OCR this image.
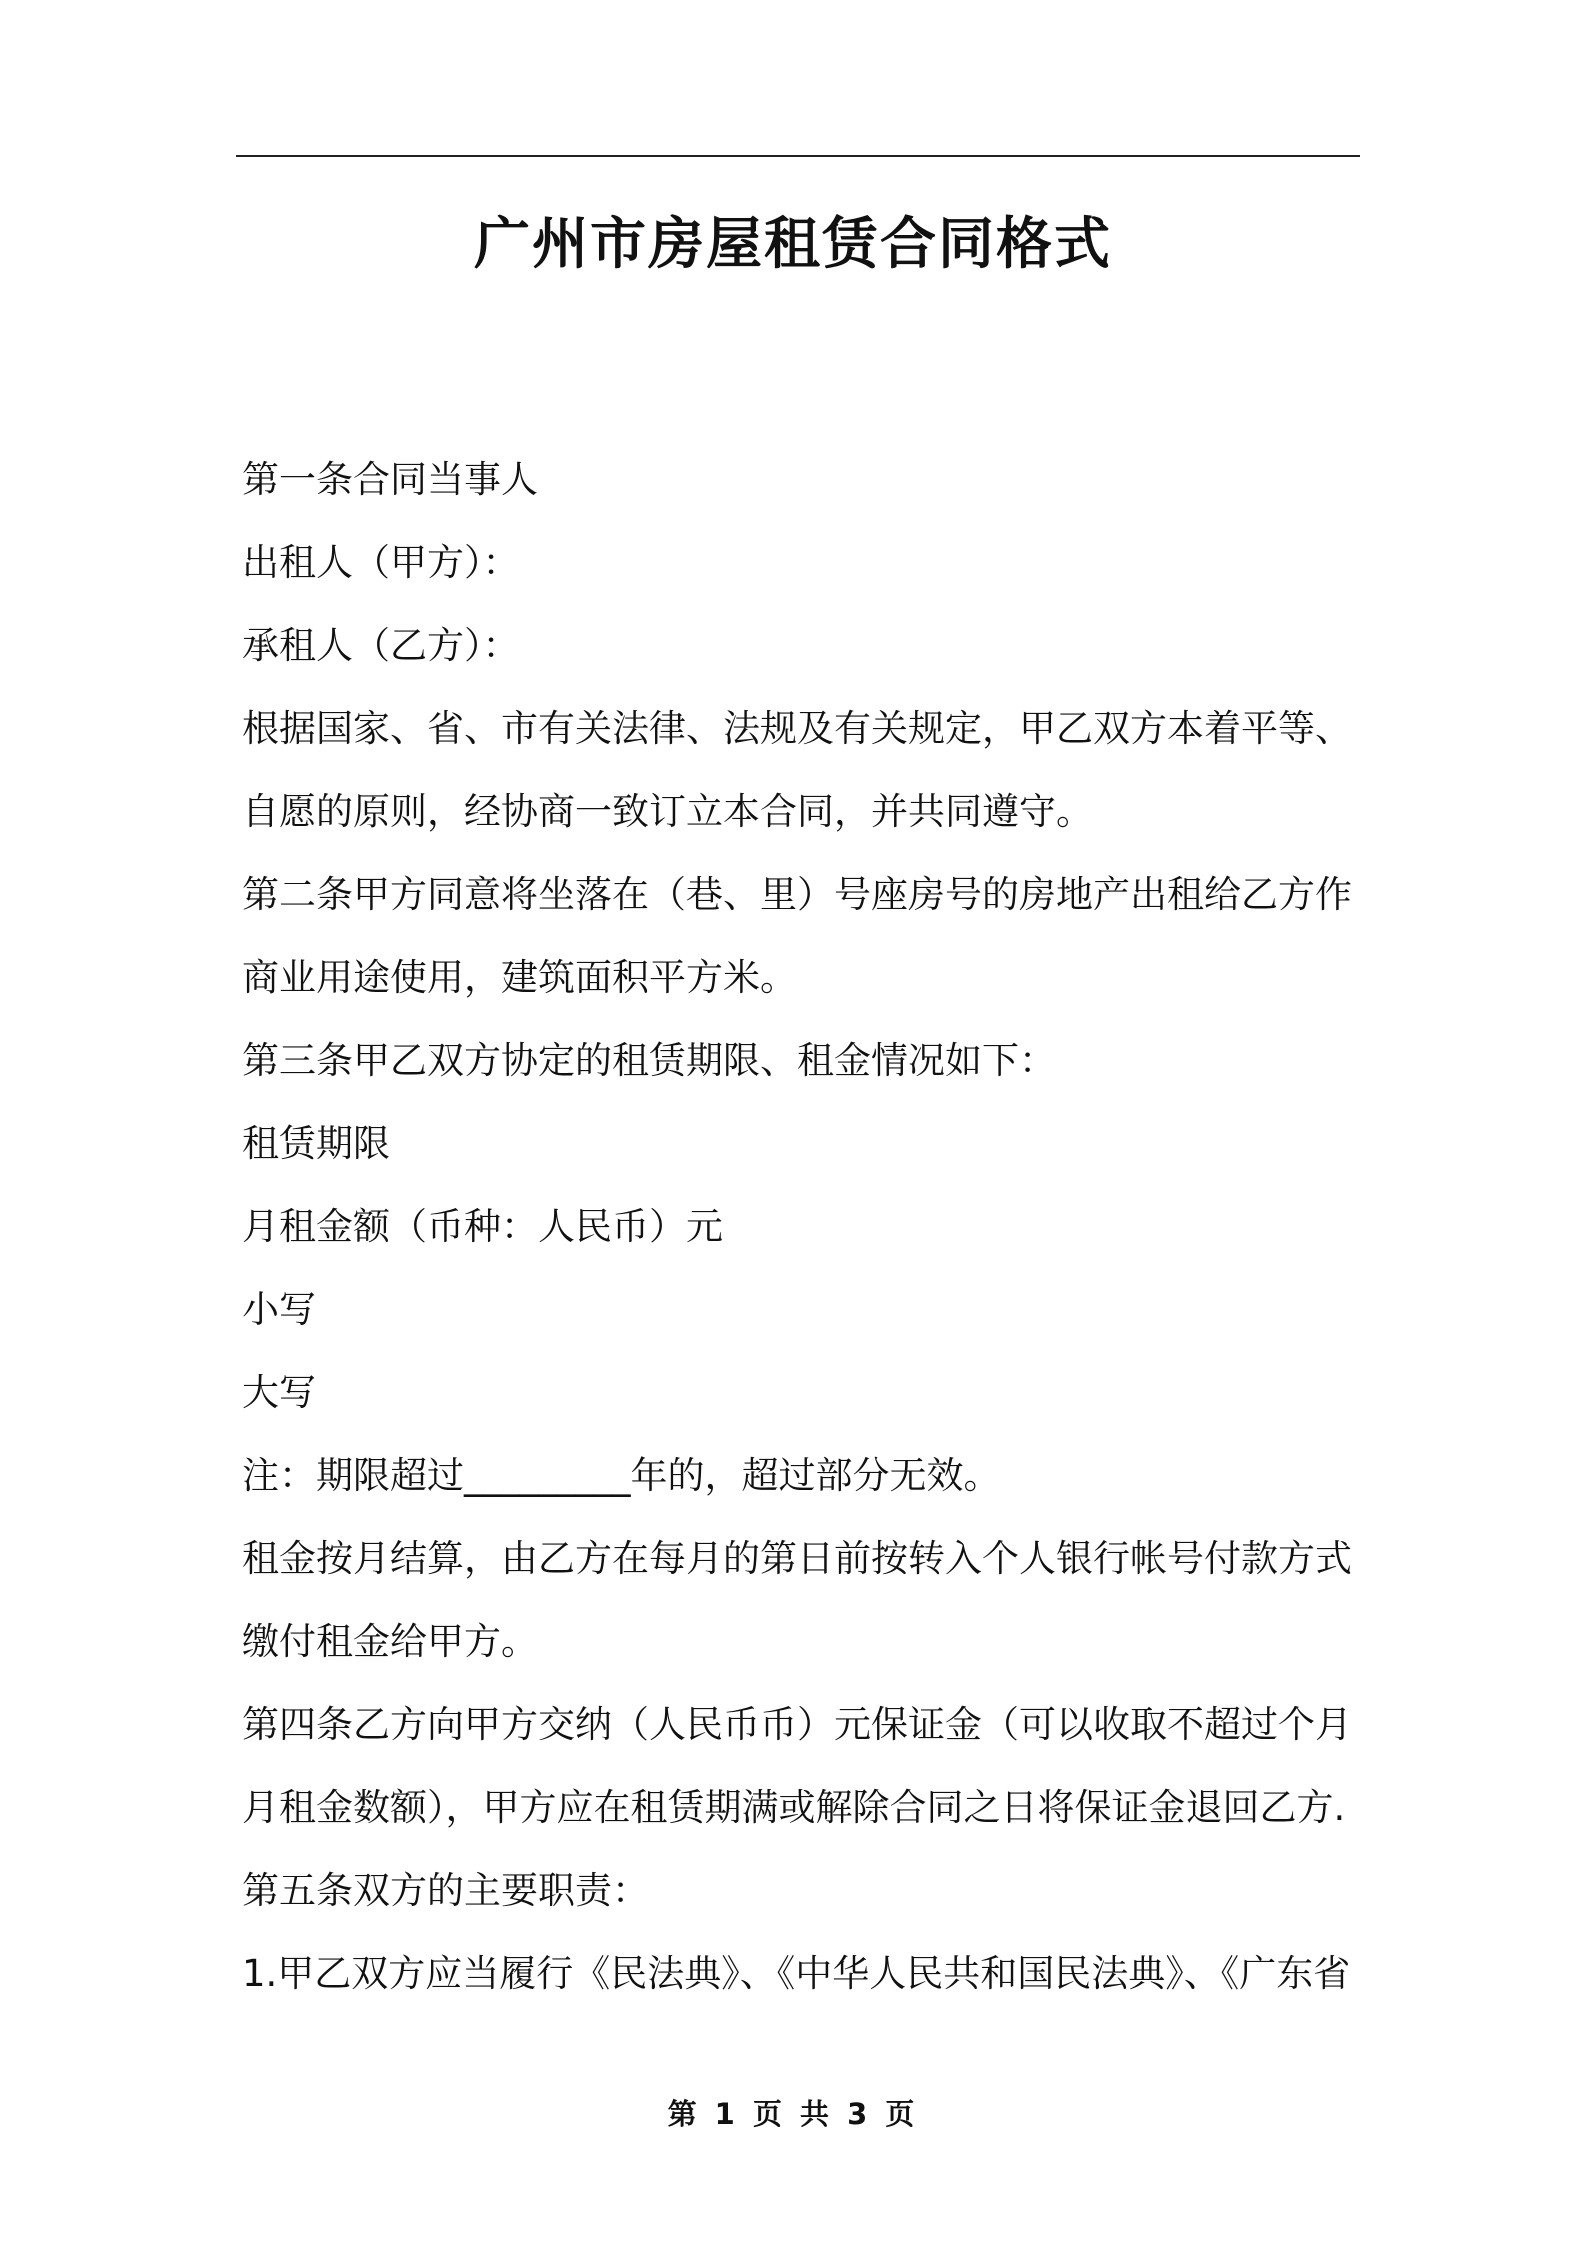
广州市房屋租赁合同格式
第一条合同当事人
出租人（甲方）：
承租人（乙方）：
根据国家、省、市有关法律、法规及有关规定，甲乙双方本着平等、
自愿的原则，经协商一致订立本合同，并共同遵守。
第二条甲方同意将坐落在（巷、里）号座房号的房地产出租给乙方作
商业用途使用，建筑面积平方米。
第三条甲乙双方协定的租赁期限、租金情况如下：
租赁期限
月租金额（币种：人民币）元
小写
大写
注：期限超过_________年的，超过部分无效。
租金按月结算，由乙方在每月的第日前按转入个人银行帐号付款方式
缴付租金给甲方。
第四条乙方向甲方交纳（人民币币）元保证金（可以收取不超过个月
月租金数额），甲方应在租赁期满或解除合同之日将保证金退回乙方.
第五条双方的主要职责：
1.甲乙双方应当履行《民法典》、《中华人民共和国民法典》、《广东省
第 1 页 共 3 页
